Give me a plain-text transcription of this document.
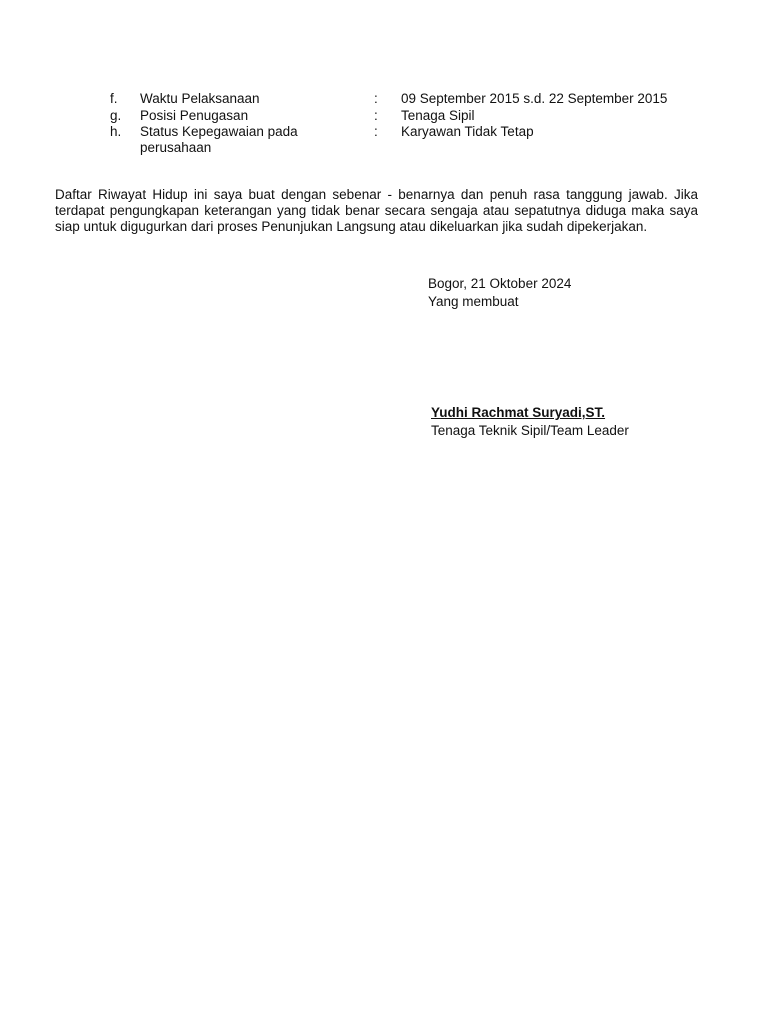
f. Waktu Pelaksanaan	: 09 September 2015 s.d. 22 September 2015
g. Posisi Penugasan	: Tenaga Sipil
h. Status Kepegawaian pada perusahaan
: Karyawan Tidak Tetap
Daftar Riwayat Hidup ini saya buat dengan sebenar - benarnya dan penuh rasa tanggung jawab. Jika terdapat pengungkapan keterangan yang tidak benar secara sengaja atau sepatutnya diduga maka saya siap untuk digugurkan dari proses Penunjukan Langsung atau dikeluarkan jika sudah dipekerjakan.
Bogor, 21 Oktober 2024
Yang membuat
Yudhi Rachmat Suryadi,ST.
Tenaga Teknik Sipil/Team Leader
